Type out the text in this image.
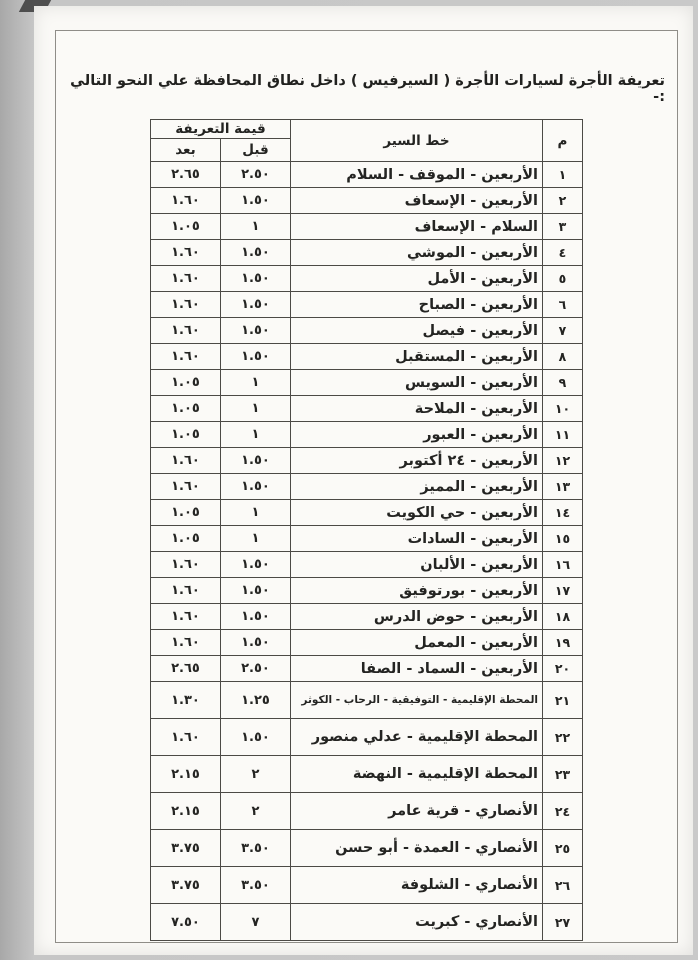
تعريفة الأجرة لسيارات الأجرة ( السيرفيس ) داخل نطاق المحافظة علي النحو التالي :-
م	خط السير	قيمة التعريفة	
		قبل	بعد
١	الأربعين - الموقف - السلام	٢.٥٠	٢.٦٥
٢	الأربعين - الإسعاف	١.٥٠	١.٦٠
٣	السلام - الإسعاف	١	١.٠٥
٤	الأربعين - الموشي	١.٥٠	١.٦٠
٥	الأربعين - الأمل	١.٥٠	١.٦٠
٦	الأربعين - الصباح	١.٥٠	١.٦٠
٧	الأربعين - فيصل	١.٥٠	١.٦٠
٨	الأربعين - المستقبل	١.٥٠	١.٦٠
٩	الأربعين - السويس	١	١.٠٥
١٠	الأربعين - الملاحة	١	١.٠٥
١١	الأربعين - العبور	١	١.٠٥
١٢	الأربعين - ٢٤ أكتوبر	١.٥٠	١.٦٠
١٣	الأربعين - المميز	١.٥٠	١.٦٠
١٤	الأربعين - حي الكويت	١	١.٠٥
١٥	الأربعين - السادات	١	١.٠٥
١٦	الأربعين - الألبان	١.٥٠	١.٦٠
١٧	الأربعين - بورتوفيق	١.٥٠	١.٦٠
١٨	الأربعين - حوض الدرس	١.٥٠	١.٦٠
١٩	الأربعين - المعمل	١.٥٠	١.٦٠
٢٠	الأربعين - السماد - الصفا	٢.٥٠	٢.٦٥
٢١	المحطة الإقليمية - التوفيقية - الرحاب - الكوثر	١.٢٥	١.٣٠
٢٢	المحطة الإقليمية - عدلي منصور	١.٥٠	١.٦٠
٢٣	المحطة الإقليمية - النهضة	٢	٢.١٥
٢٤	الأنصاري - قرية عامر	٢	٢.١٥
٢٥	الأنصاري - العمدة - أبو حسن	٣.٥٠	٣.٧٥
٢٦	الأنصاري - الشلوفة	٣.٥٠	٣.٧٥
٢٧	الأنصاري - كبريت	٧	٧.٥٠
